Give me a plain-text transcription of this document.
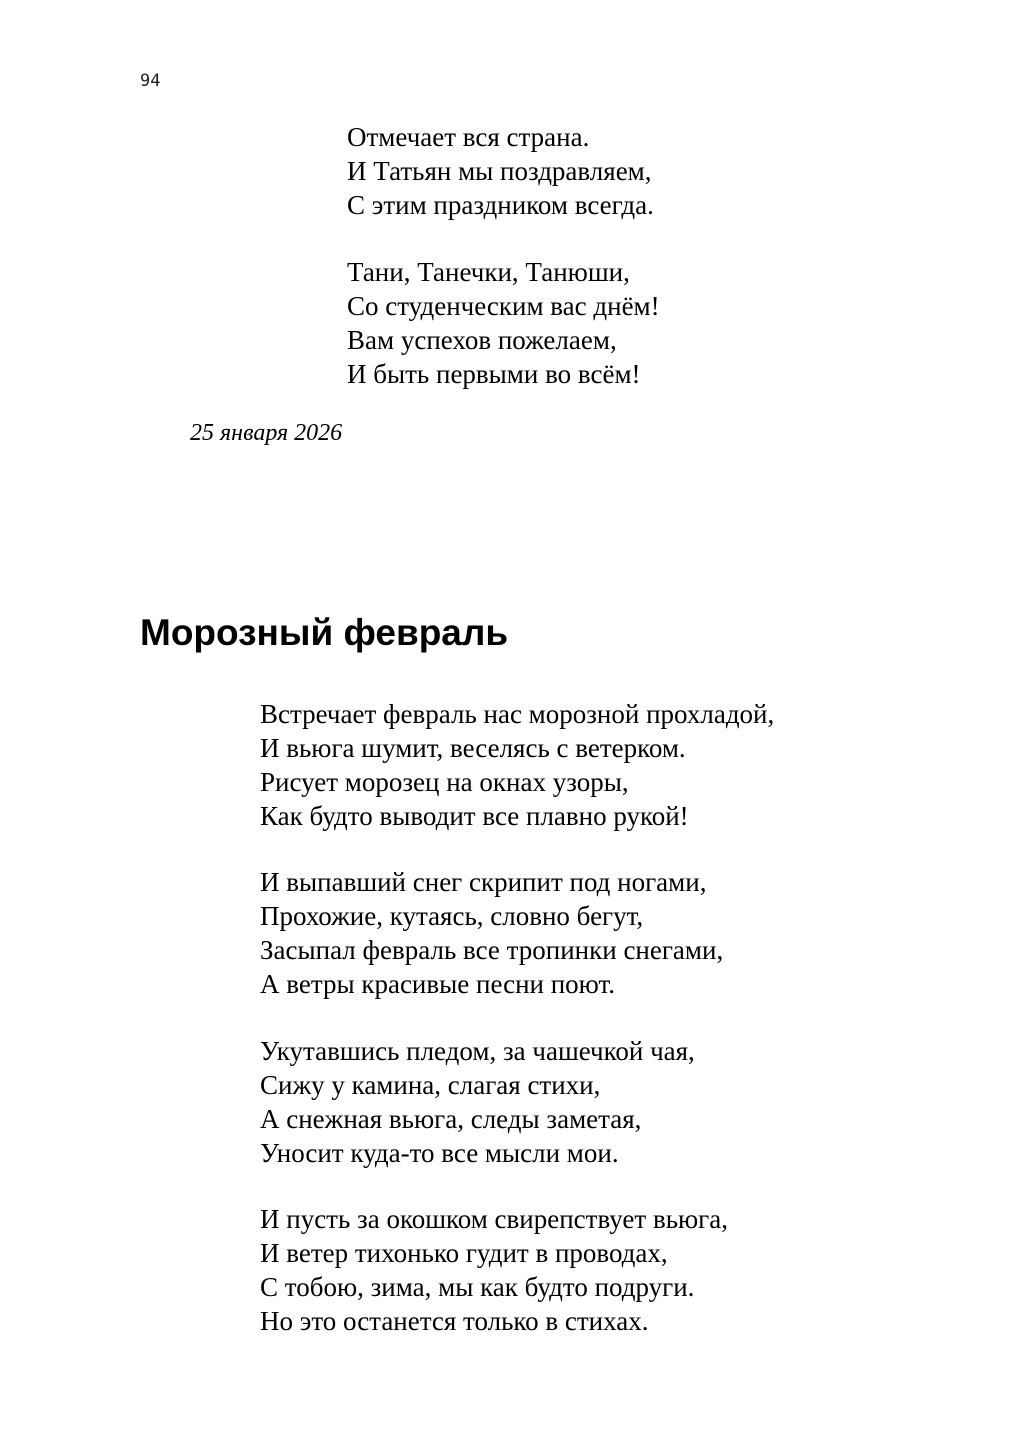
94
Отмечает вся страна.
И Татьян мы поздравляем,
С этим праздником всегда.
Тани, Танечки, Танюши,
Со студенческим вас днём!
Вам успехов пожелаем,
И быть первыми во всём!
25 января 2026
Морозный февраль
Встречает февраль нас морозной прохладой,
И вьюга шумит, веселясь с ветерком.
Рисует морозец на окнах узоры,
Как будто выводит все плавно рукой!
И выпавший снег скрипит под ногами,
Прохожие, кутаясь, словно бегут,
Засыпал февраль все тропинки снегами,
А ветры красивые песни поют.
Укутавшись пледом, за чашечкой чая,
Сижу у камина, слагая стихи,
А снежная вьюга, следы заметая,
Уносит куда-то все мысли мои.
И пусть за окошком свирепствует вьюга,
И ветер тихонько гудит в проводах,
С тобою, зима, мы как будто подруги.
Но это останется только в стихах.
